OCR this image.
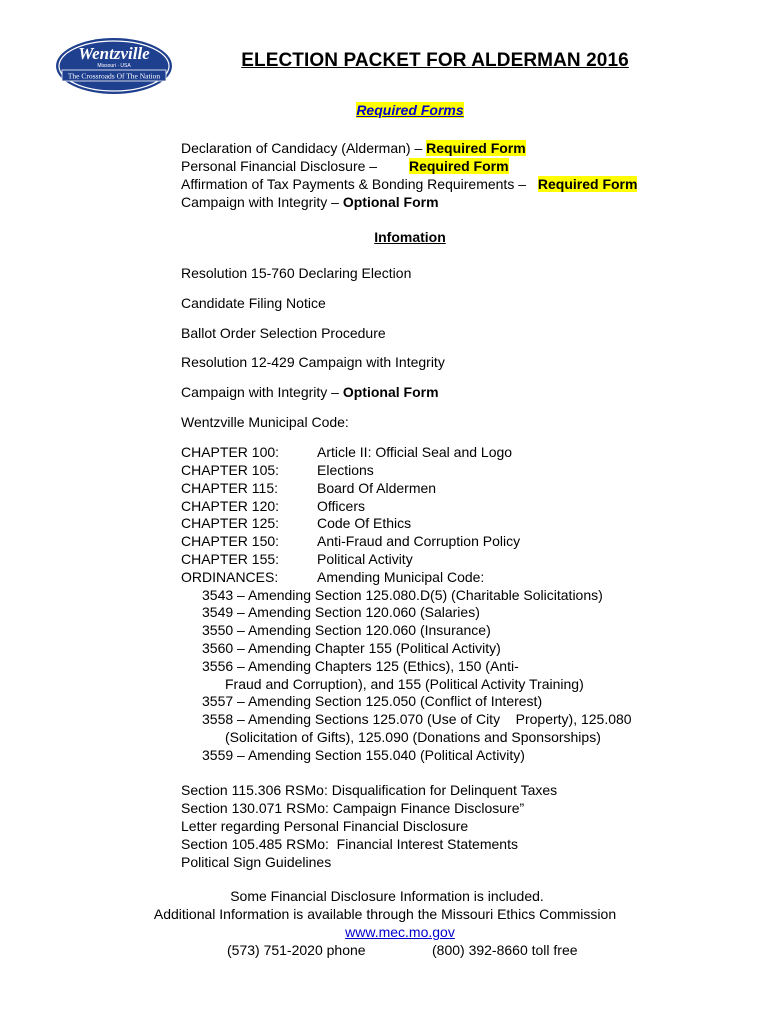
Wentzville
Missouri · USA
The Crossroads Of The Nation
ELECTION PACKET FOR ALDERMAN 2016
Required Forms
Declaration of Candidacy (Alderman) – Required Form
Personal Financial Disclosure – Required Form
Affirmation of Tax Payments & Bonding Requirements – Required Form
Campaign with Integrity – Optional Form
Infomation
Resolution 15-760 Declaring Election
Candidate Filing Notice
Ballot Order Selection Procedure
Resolution 12-429 Campaign with Integrity
Campaign with Integrity – Optional Form
Wentzville Municipal Code:
CHAPTER 100:	Article II: Official Seal and Logo
CHAPTER 105:	Elections
CHAPTER 115:	Board Of Aldermen
CHAPTER 120:	Officers
CHAPTER 125:	Code Of Ethics
CHAPTER 150:	Anti-Fraud and Corruption Policy
CHAPTER 155:	Political Activity
ORDINANCES:	Amending Municipal Code:
3543 – Amending Section 125.080.D(5) (Charitable Solicitations)
3549 – Amending Section 120.060 (Salaries)
3550 – Amending Section 120.060 (Insurance)
3560 – Amending Chapter 155 (Political Activity)
3556 – Amending Chapters 125 (Ethics), 150 (Anti-
Fraud and Corruption), and 155 (Political Activity Training)
3557 – Amending Section 125.050 (Conflict of Interest)
3558 – Amending Sections 125.070 (Use of City    Property), 125.080
(Solicitation of Gifts), 125.090 (Donations and Sponsorships)
3559 – Amending Section 155.040 (Political Activity)
Section 115.306 RSMo: Disqualification for Delinquent Taxes
Section 130.071 RSMo: Campaign Finance Disclosure”
Letter regarding Personal Financial Disclosure
Section 105.485 RSMo:  Financial Interest Statements
Political Sign Guidelines
Some Financial Disclosure Information is included.
Additional Information is available through the Missouri Ethics Commission
www.mec.mo.gov
(573) 751-2020 phone	(800) 392-8660 toll free
